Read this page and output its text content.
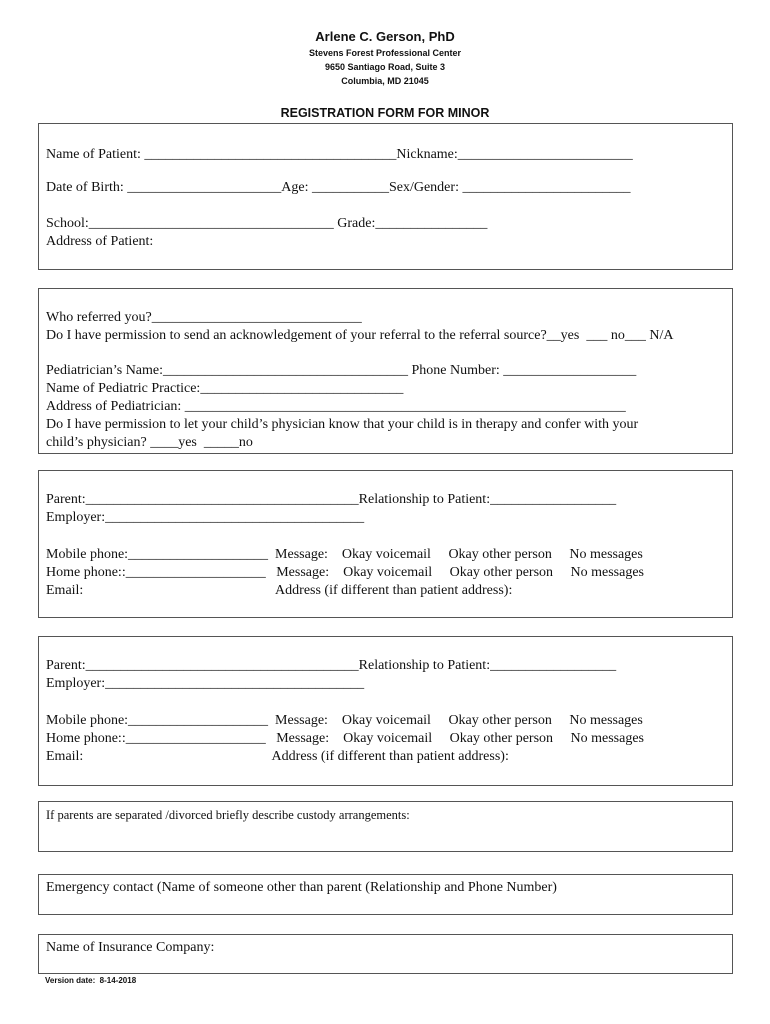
Arlene C. Gerson, PhD
Stevens Forest Professional Center
9650 Santiago Road, Suite 3
Columbia, MD 21045
REGISTRATION FORM FOR MINOR
Name of Patient: ____________________________________Nickname:_________________________
Date of Birth: ______________________Age: ___________Sex/Gender: ________________________
School:___________________________________ Grade:________________
Address of Patient:
Who referred you?______________________________
Do I have permission to send an acknowledgement of your referral to the referral source?__yes  ___ no___ N/A
Pediatrician’s Name:___________________________________ Phone Number: ___________________
Name of Pediatric Practice:_____________________________
Address of Pediatrician: _______________________________________________________________
Do I have permission to let your child’s physician know that your child is in therapy and confer with your
child’s physician? ____yes  _____no
Parent:_______________________________________Relationship to Patient:__________________
Employer:_____________________________________
Mobile phone:____________________  Message:    Okay voicemail     Okay other person     No messages
Home phone::____________________   Message:    Okay voicemail     Okay other person     No messages
Email:                                                       Address (if different than patient address):
Parent:_______________________________________Relationship to Patient:__________________
Employer:_____________________________________
Mobile phone:____________________  Message:    Okay voicemail     Okay other person     No messages
Home phone::____________________   Message:    Okay voicemail     Okay other person     No messages
Email:                                                      Address (if different than patient address):
If parents are separated /divorced briefly describe custody arrangements:
Emergency contact (Name of someone other than parent (Relationship and Phone Number)
Name of Insurance Company:
Version date:  8-14-2018
